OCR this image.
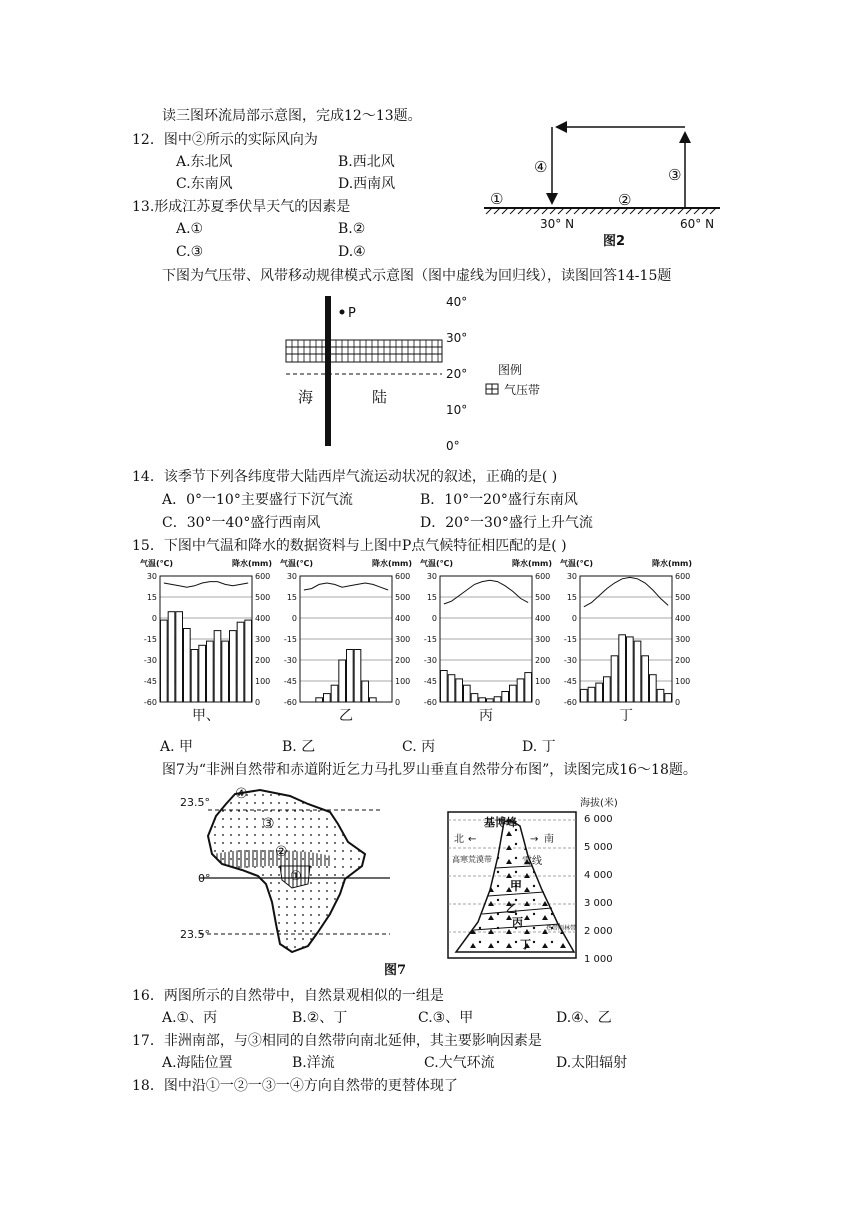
读三图环流局部示意图，完成12～13题。
12．图中②所示的实际风向为
A.东北风	B.西北风
C.东南风	D.西南风
13.形成江苏夏季伏旱天气的因素是
A.①	B.②
C.③	D.④
①	②
③
④
30° N	60° N
图2
下图为气压带、风带移动规律模式示意图（图中虚线为回归线），读图回答14-15题
P
海	陆
40°
30°
20°
10°
0°
图例
气压带
14．该季节下列各纬度带大陆西岸气流运动状况的叙述，正确的是( )
A．0°一10°主要盛行下沉气流	B．10°一20°盛行东南风
C．30°一40°盛行西南风	D．20°一30°盛行上升气流
15．下图中气温和降水的数据资料与上图中P点气候特征相匹配的是( )
气温(℃)	降水(mm)
30	600
15	500
0	400
-15	300
-30	200
-45	100
-60	0
甲、
气温(℃)	降水(mm)
30	600
15	500
0	400
-15	300
-30	200
-45	100
-60	0
乙
气温(℃)	降水(mm)
30	600
15	500
0	400
-15	300
-30	200
-45	100
-60	0
丙
气温(℃)	降水(mm)
30	600
15	500
0	400
-15	300
-30	200
-45	100
-60	0
丁
A. 甲	B. 乙	C. 丙	D. 丁
图7为“非洲自然带和赤道附近乞力马扎罗山垂直自然带分布图”，读图完成16～18题。
④
③
②
①
23.5°
0°
23.5°
基博峰
北 ←	→ 南
高寒荒漠带	雪线
甲
乙
丙
丁
热带雨林带
海拔(米)
6 000
5 000
4 000
3 000
2 000
1 000
图7
16．两图所示的自然带中，自然景观相似的一组是
A.①、丙	B.②、丁	C.③、甲	D.④、乙
17．非洲南部，与③相同的自然带向南北延伸，其主要影响因素是
A.海陆位置	B.洋流	C.大气环流	D.太阳辐射
18．图中沿①一②一③一④方向自然带的更替体现了
